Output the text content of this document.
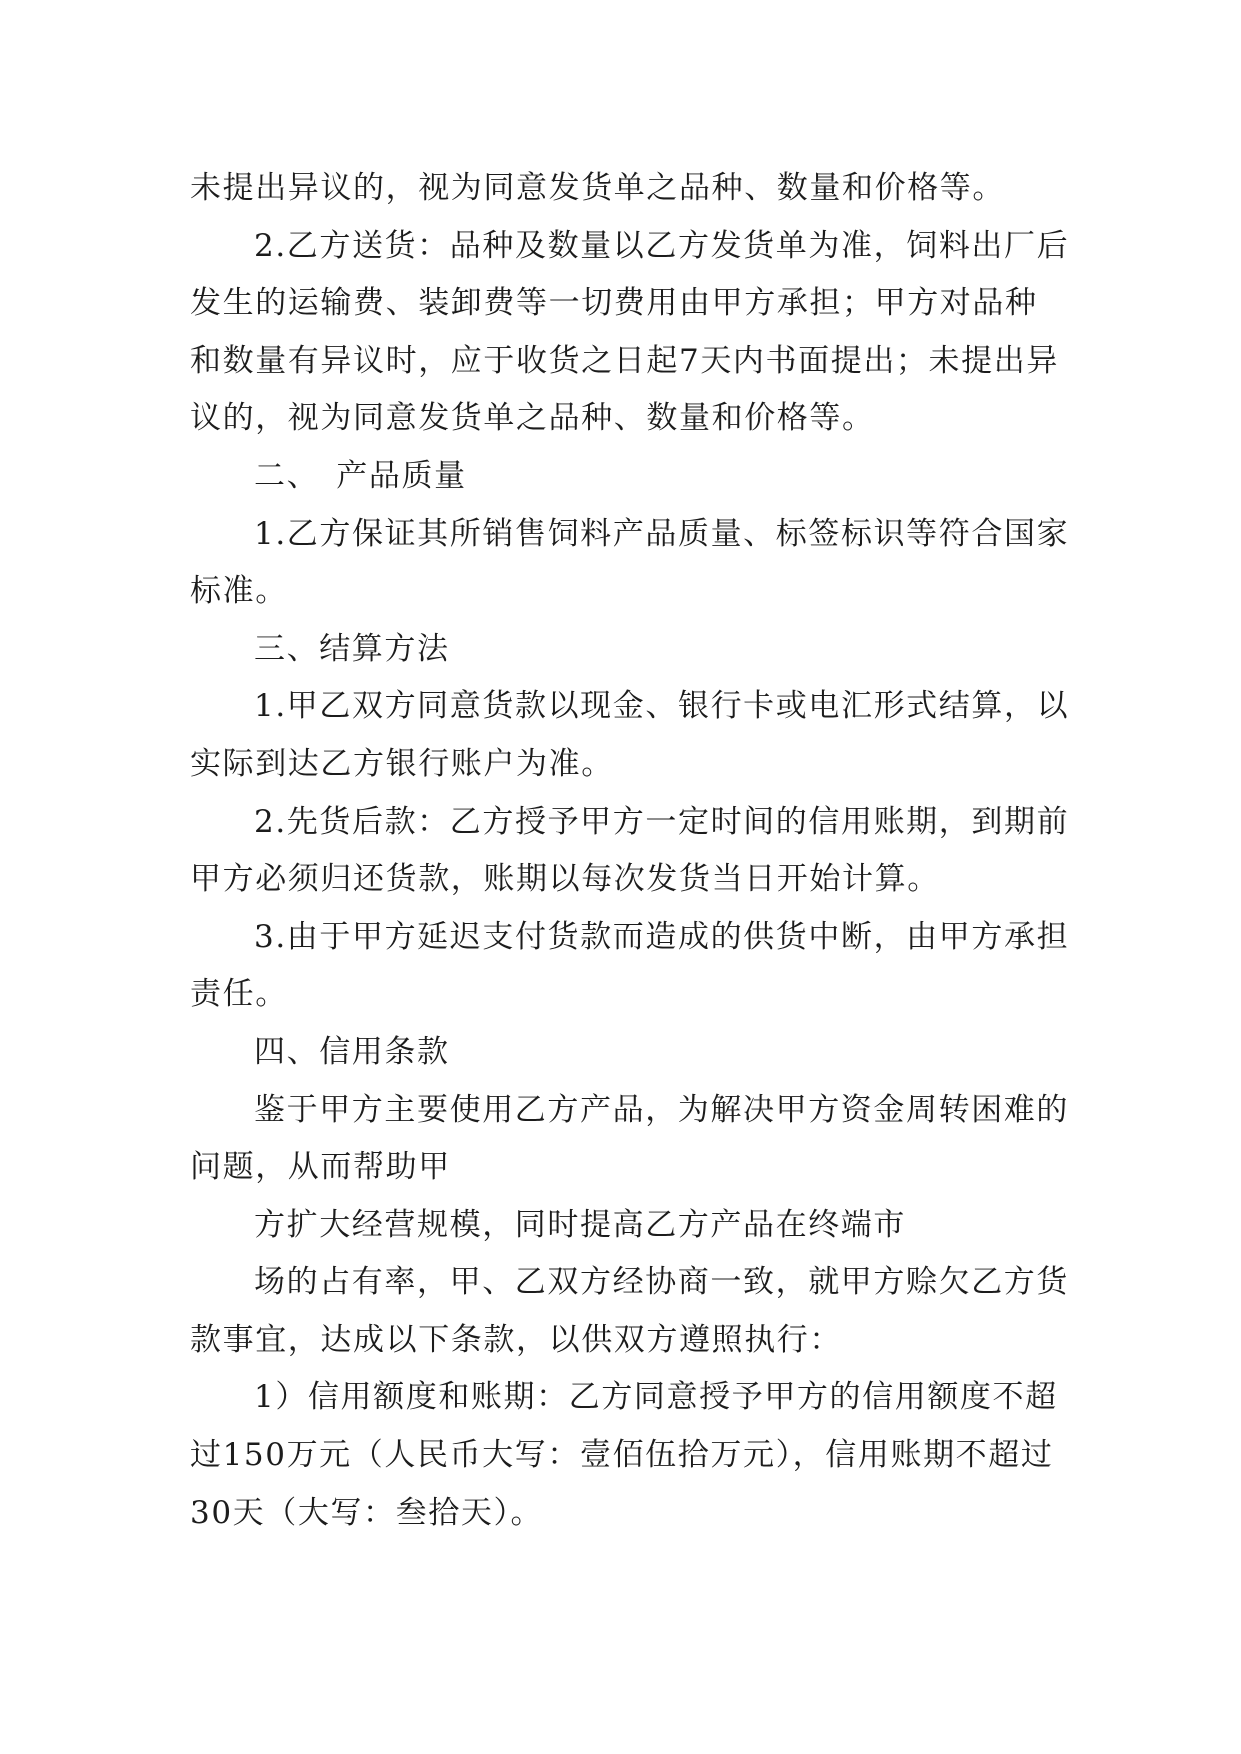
未提出异议的，视为同意发货单之品种、数量和价格等。

2.乙方送货：品种及数量以乙方发货单为准，饲料出厂后发生的运输费、装卸费等一切费用由甲方承担；甲方对品种和数量有异议时，应于收货之日起7天内书面提出；未提出异议的，视为同意发货单之品种、数量和价格等。

二、　产品质量

1.乙方保证其所销售饲料产品质量、标签标识等符合国家标准。

三、结算方法

1.甲乙双方同意货款以现金、银行卡或电汇形式结算，以实际到达乙方银行账户为准。

2.先货后款：乙方授予甲方一定时间的信用账期，到期前甲方必须归还货款，账期以每次发货当日开始计算。

3.由于甲方延迟支付货款而造成的供货中断，由甲方承担责任。

四、信用条款

鉴于甲方主要使用乙方产品，为解决甲方资金周转困难的问题，从而帮助甲

方扩大经营规模，同时提高乙方产品在终端市

场的占有率，甲、乙双方经协商一致，就甲方赊欠乙方货款事宜，达成以下条款，以供双方遵照执行：

1）信用额度和账期：乙方同意授予甲方的信用额度不超过150万元（人民币大写：壹佰伍拾万元），信用账期不超过30天（大写：叁拾天）。
